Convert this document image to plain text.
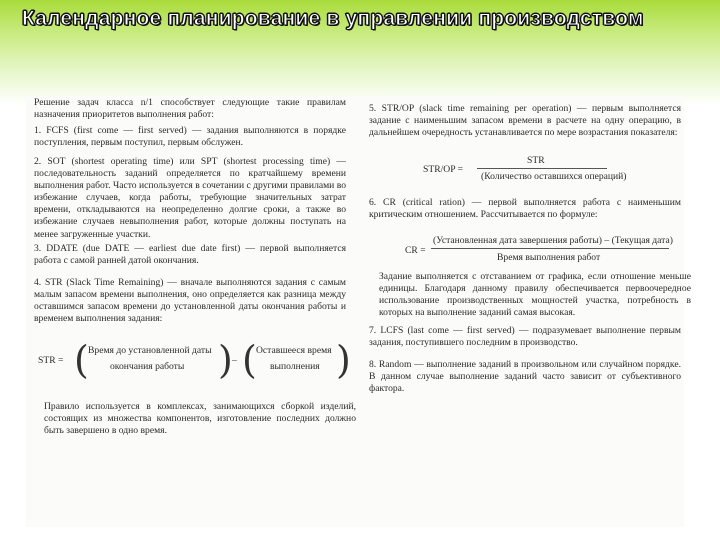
Календарное планирование в управлении производством

Решение задач класса n/1 способствует следующие такие правилам назначения приоритетов выполнения работ:

1. FCFS (first come — first served) — задания выполняются в порядке поступления, первым поступил, первым обслужен.

2. SOT (shortest operating time) или SPT (shortest processing time) — последовательность заданий определяется по кратчайшему времени выполнения работ. Часто используется в сочетании с другими правилами во избежание случаев, когда работы, требующие значительных затрат времени, откладываются на неопределенно долгие сроки, а также во избежание случаев невыполнения работ, которые должны поступать на менее загруженные участки.

3. DDATE (due DATE — earliest due date first) — первой выполняется работа с самой ранней датой окончания.

4. STR (Slack Time Remaining) — вначале выполняются задания с самым малым запасом времени выполнения, оно определяется как разница между оставшимся запасом времени до установленной даты окончания работы и временем выполнения задания:

STR = ( Время до установленной даты
окончания работы ) – ( Оставшееся время
выполнения )

Правило используется в комплексах, занимающихся сборкой изделий, состоящих из множества компонентов, изготовление последних должно быть завершено в одно время.

5. STR/OP (slack time remaining per operation) — первым выполняется задание с наименьшим запасом времени в расчете на одну операцию, в дальнейшем очередность устанавливается по мере возрастания показателя:

STR/OP =
STR
(Количество оставшихся операций)

6. CR (critical ration) — первой выполняется работа с наименьшим критическим отношением. Рассчитывается по формуле:

CR =
(Установленная дата завершения работы) – (Текущая дата)
Время выполнения работ

Задание выполняется с отставанием от графика, если отношение меньше единицы. Благодаря данному правилу обеспечивается первоочередное использование производственных мощностей участка, потребность в которых на выполнение заданий самая высокая.

7. LCFS (last come — first served) — подразумевает выполнение первым задания, поступившего последним в производство.

8. Random — выполнение заданий в произвольном или случайном порядке. В данном случае выполнение заданий часто зависит от субъективного фактора.
